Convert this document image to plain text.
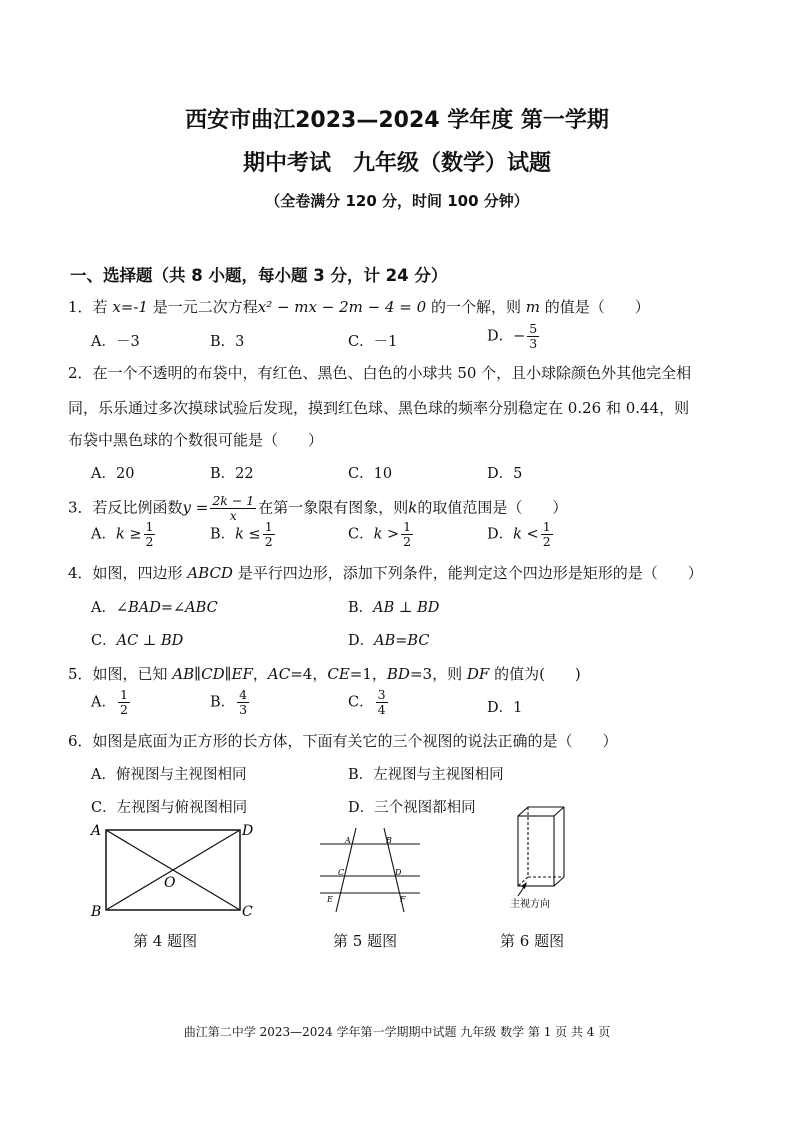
西安市曲江2023—2024 学年度 第一学期
期中考试　九年级（数学）试题
（全卷满分 120 分，时间 100 分钟）
一、选择题（共 8 小题，每小题 3 分，计 24 分）
1．若 x=-1 是一元二次方程x² − mx − 2m − 4 = 0 的一个解，则 m 的值是（　　）
A．－3	B．3	C．－1	D．− $\frac{5}{3}$
2．在一个不透明的布袋中，有红色、黑色、白色的小球共 50 个，且小球除颜色外其他完全相
同，乐乐通过多次摸球试验后发现，摸到红色球、黑色球的频率分别稳定在 0.26 和 0.44，则
布袋中黑色球的个数很可能是（　　）
A．20	B．22	C．10	D．5
3．若反比例函数$y = \frac{2k - 1}{x}$ 在第一象限有图象，则k的取值范围是（　　）
A．$k \ge \frac{1}{2}$	B．$k \le \frac{1}{2}$	C．$k > \frac{1}{2}$	D．$k < \frac{1}{2}$
4．如图，四边形 ABCD 是平行四边形，添加下列条件，能判定这个四边形是矩形的是（　　）
A．∠BAD=∠ABC	B．AB ⊥ BD
C．AC ⊥ BD	D．AB=BC
5．如图，已知 AB∥CD∥EF，AC=4，CE=1，BD=3，则 DF 的值为(　　)
A． $\frac{1}{2}$	B． $\frac{4}{3}$	C． $\frac{3}{4}$	D．1
6．如图是底面为正方形的长方体，下面有关它的三个视图的说法正确的是（　　）
A．俯视图与主视图相同	B．左视图与主视图相同
C．左视图与俯视图相同	D．三个视图都相同
A	D
B	C
O
A	B
C	D
E	F	主视方向
第 4 题图	第 5 题图	第 6 题图
曲江第二中学 2023—2024 学年第一学期期中试题 九年级 数学 第 1 页 共 4 页
